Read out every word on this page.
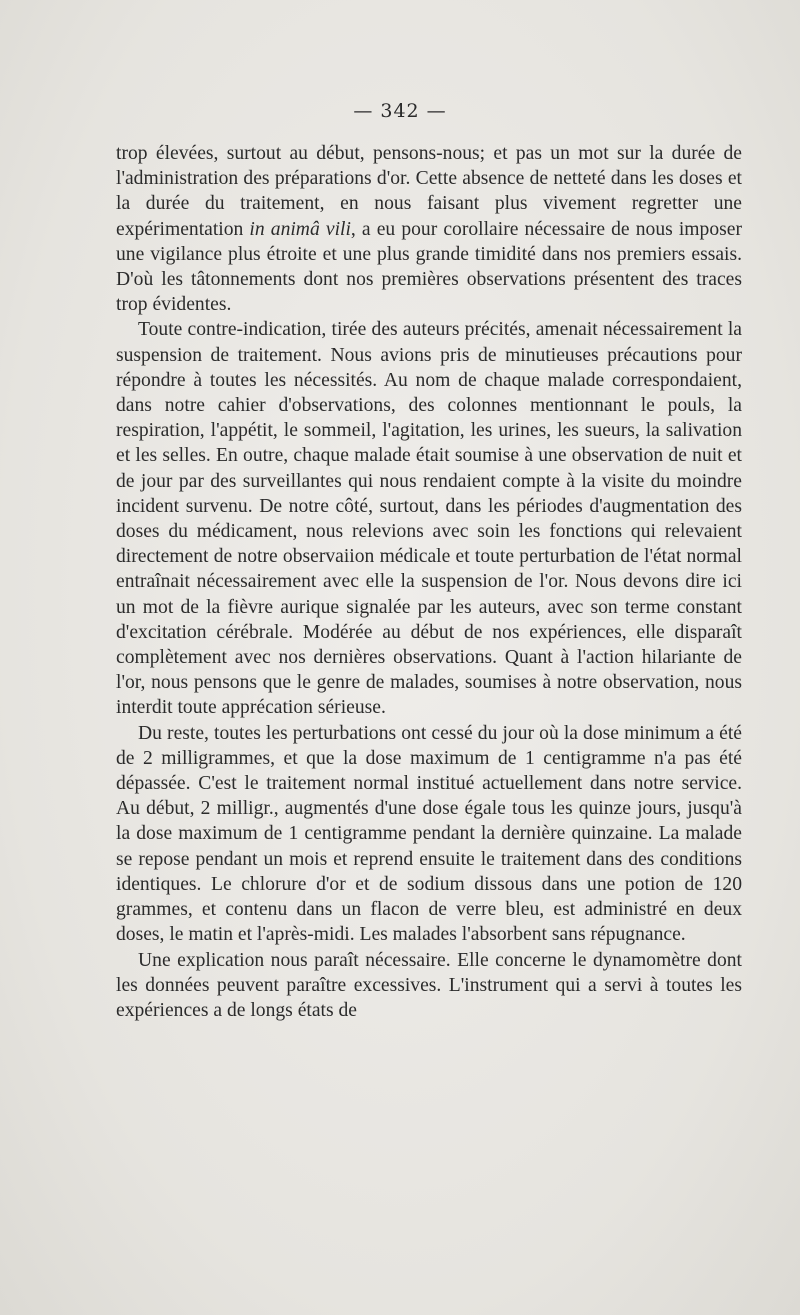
— 342 —

trop élevées, surtout au début, pensons-nous; et pas un mot sur la durée de l'administration des préparations d'or. Cette absence de netteté dans les doses et la durée du traitement, en nous faisant plus vivement regretter une expérimentation in animâ vili, a eu pour corollaire nécessaire de nous imposer une vigilance plus étroite et une plus grande timidité dans nos premiers essais. D'où les tâtonnements dont nos premières observations présentent des traces trop évidentes.

Toute contre-indication, tirée des auteurs précités, amenait nécessairement la suspension de traitement. Nous avions pris de minutieuses précautions pour répondre à toutes les nécessités. Au nom de chaque malade correspondaient, dans notre cahier d'observations, des colonnes mentionnant le pouls, la respiration, l'appétit, le sommeil, l'agitation, les urines, les sueurs, la salivation et les selles. En outre, chaque malade était soumise à une observation de nuit et de jour par des surveillantes qui nous rendaient compte à la visite du moindre incident survenu. De notre côté, surtout, dans les périodes d'augmentation des doses du médicament, nous relevions avec soin les fonctions qui relevaient directement de notre observaiion médicale et toute perturbation de l'état normal entraînait nécessairement avec elle la suspension de l'or. Nous devons dire ici un mot de la fièvre aurique signalée par les auteurs, avec son terme constant d'excitation cérébrale. Modérée au début de nos expériences, elle disparaît complètement avec nos dernières observations. Quant à l'action hilariante de l'or, nous pensons que le genre de malades, soumises à notre observation, nous interdit toute apprécation sérieuse.

Du reste, toutes les perturbations ont cessé du jour où la dose minimum a été de 2 milligrammes, et que la dose maximum de 1 centigramme n'a pas été dépassée. C'est le traitement normal institué actuellement dans notre service. Au début, 2 milligr., augmentés d'une dose égale tous les quinze jours, jusqu'à la dose maximum de 1 centigramme pendant la dernière quinzaine. La malade se repose pendant un mois et reprend ensuite le traitement dans des conditions identiques. Le chlorure d'or et de sodium dissous dans une potion de 120 grammes, et contenu dans un flacon de verre bleu, est administré en deux doses, le matin et l'après-midi. Les malades l'absorbent sans répugnance.

Une explication nous paraît nécessaire. Elle concerne le dynamomètre dont les données peuvent paraître excessives. L'instrument qui a servi à toutes les expériences a de longs états de
